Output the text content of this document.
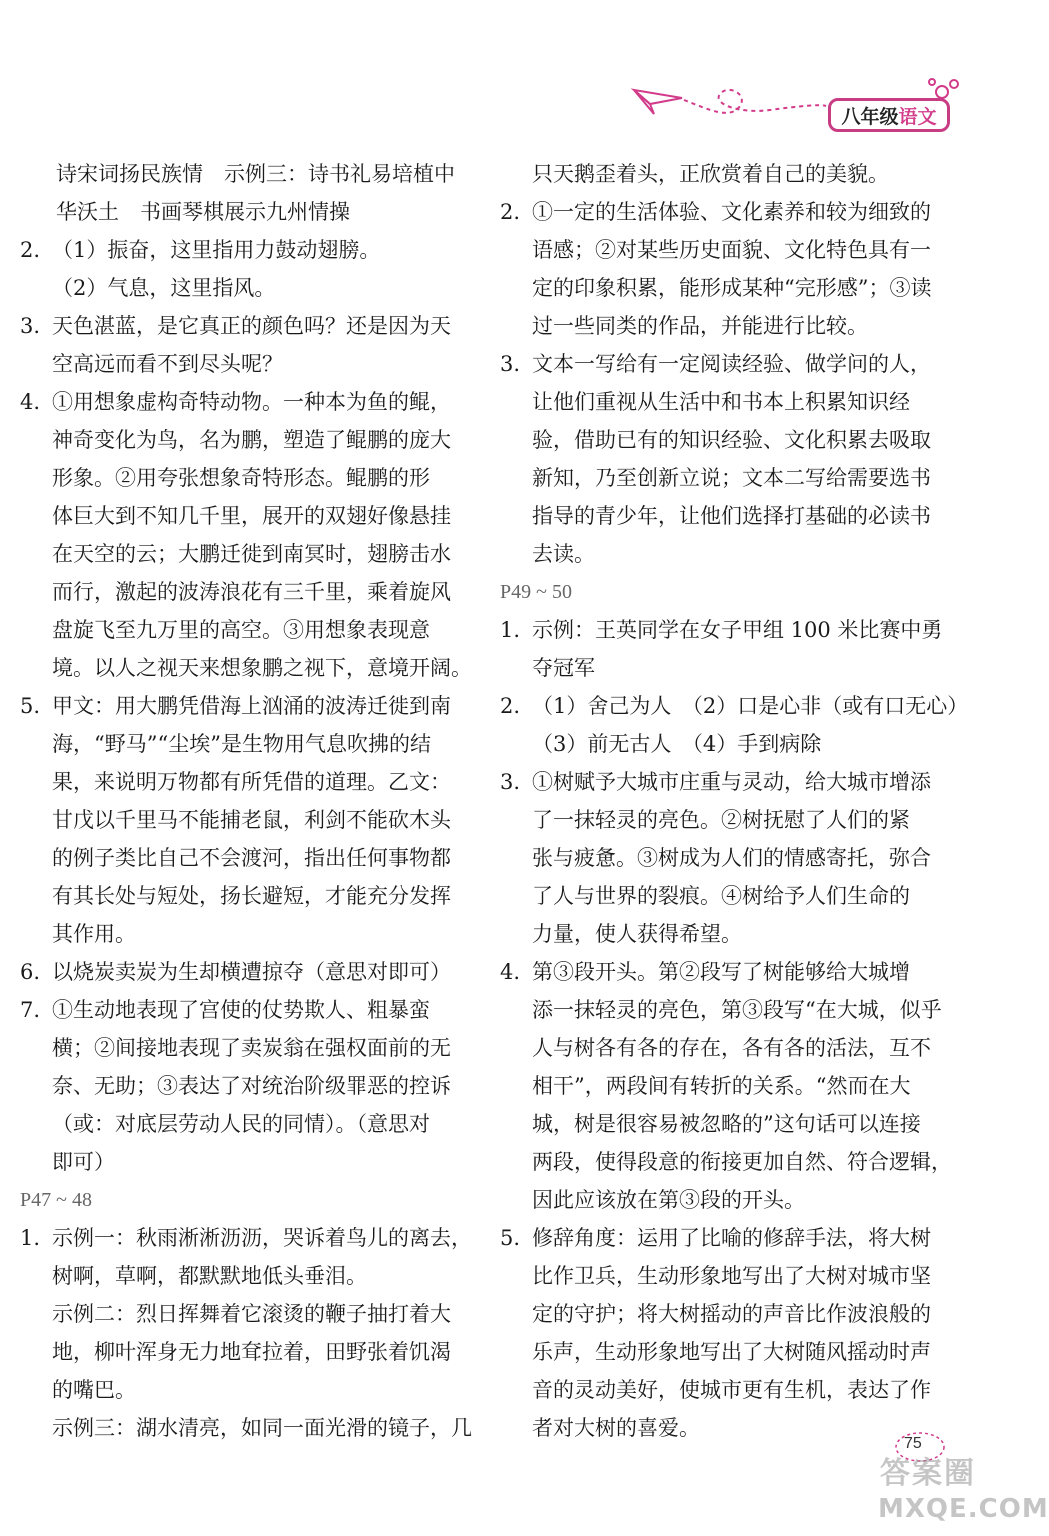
八年级 语文
诗宋词扬民族情　示例三：诗书礼易培植中
华沃土　书画琴棋展示九州情操
2. （1）振奋，这里指用力鼓动翅膀。
（2）气息，这里指风。
3. 天色湛蓝，是它真正的颜色吗？还是因为天
空高远而看不到尽头呢？
4. ①用想象虚构奇特动物。一种本为鱼的鲲，
神奇变化为鸟，名为鹏，塑造了鲲鹏的庞大
形象。②用夸张想象奇特形态。鲲鹏的形
体巨大到不知几千里，展开的双翅好像悬挂
在天空的云；大鹏迁徙到南冥时，翅膀击水
而行，激起的波涛浪花有三千里，乘着旋风
盘旋飞至九万里的高空。③用想象表现意
境。以人之视天来想象鹏之视下，意境开阔。
5. 甲文：用大鹏凭借海上汹涌的波涛迁徙到南
海，“野马”“尘埃”是生物用气息吹拂的结
果，来说明万物都有所凭借的道理。乙文：
甘戊以千里马不能捕老鼠，利剑不能砍木头
的例子类比自己不会渡河，指出任何事物都
有其长处与短处，扬长避短，才能充分发挥
其作用。
6. 以烧炭卖炭为生却横遭掠夺（意思对即可）
7. ①生动地表现了宫使的仗势欺人、粗暴蛮
横；②间接地表现了卖炭翁在强权面前的无
奈、无助；③表达了对统治阶级罪恶的控诉
（或：对底层劳动人民的同情）。（意思对
即可）
P47 ~ 48
1. 示例一：秋雨淅淅沥沥，哭诉着鸟儿的离去，
树啊，草啊，都默默地低头垂泪。
示例二：烈日挥舞着它滚烫的鞭子抽打着大
地，柳叶浑身无力地耷拉着，田野张着饥渴
的嘴巴。
示例三：湖水清亮，如同一面光滑的镜子，几
只天鹅歪着头，正欣赏着自己的美貌。
2. ①一定的生活体验、文化素养和较为细致的
语感；②对某些历史面貌、文化特色具有一
定的印象积累，能形成某种“完形感”；③读
过一些同类的作品，并能进行比较。
3. 文本一写给有一定阅读经验、做学问的人，
让他们重视从生活中和书本上积累知识经
验，借助已有的知识经验、文化积累去吸取
新知，乃至创新立说；文本二写给需要选书
指导的青少年，让他们选择打基础的必读书
去读。
P49 ~ 50
1. 示例：王英同学在女子甲组 100 米比赛中勇
夺冠军
2. （1）舍己为人　（2）口是心非（或有口无心）
（3）前无古人　（4）手到病除
3. ①树赋予大城市庄重与灵动，给大城市增添
了一抹轻灵的亮色。②树抚慰了人们的紧
张与疲惫。③树成为人们的情感寄托，弥合
了人与世界的裂痕。④树给予人们生命的
力量，使人获得希望。
4. 第③段开头。第②段写了树能够给大城增
添一抹轻灵的亮色，第③段写“在大城，似乎
人与树各有各的存在，各有各的活法，互不
相干”，两段间有转折的关系。“然而在大
城，树是很容易被忽略的”这句话可以连接
两段，使得段意的衔接更加自然、符合逻辑，
因此应该放在第③段的开头。
5. 修辞角度：运用了比喻的修辞手法，将大树
比作卫兵，生动形象地写出了大树对城市坚
定的守护；将大树摇动的声音比作波浪般的
乐声，生动形象地写出了大树随风摇动时声
音的灵动美好，使城市更有生机，表达了作
者对大树的喜爱。
75
答案圈
MXQE.COM
